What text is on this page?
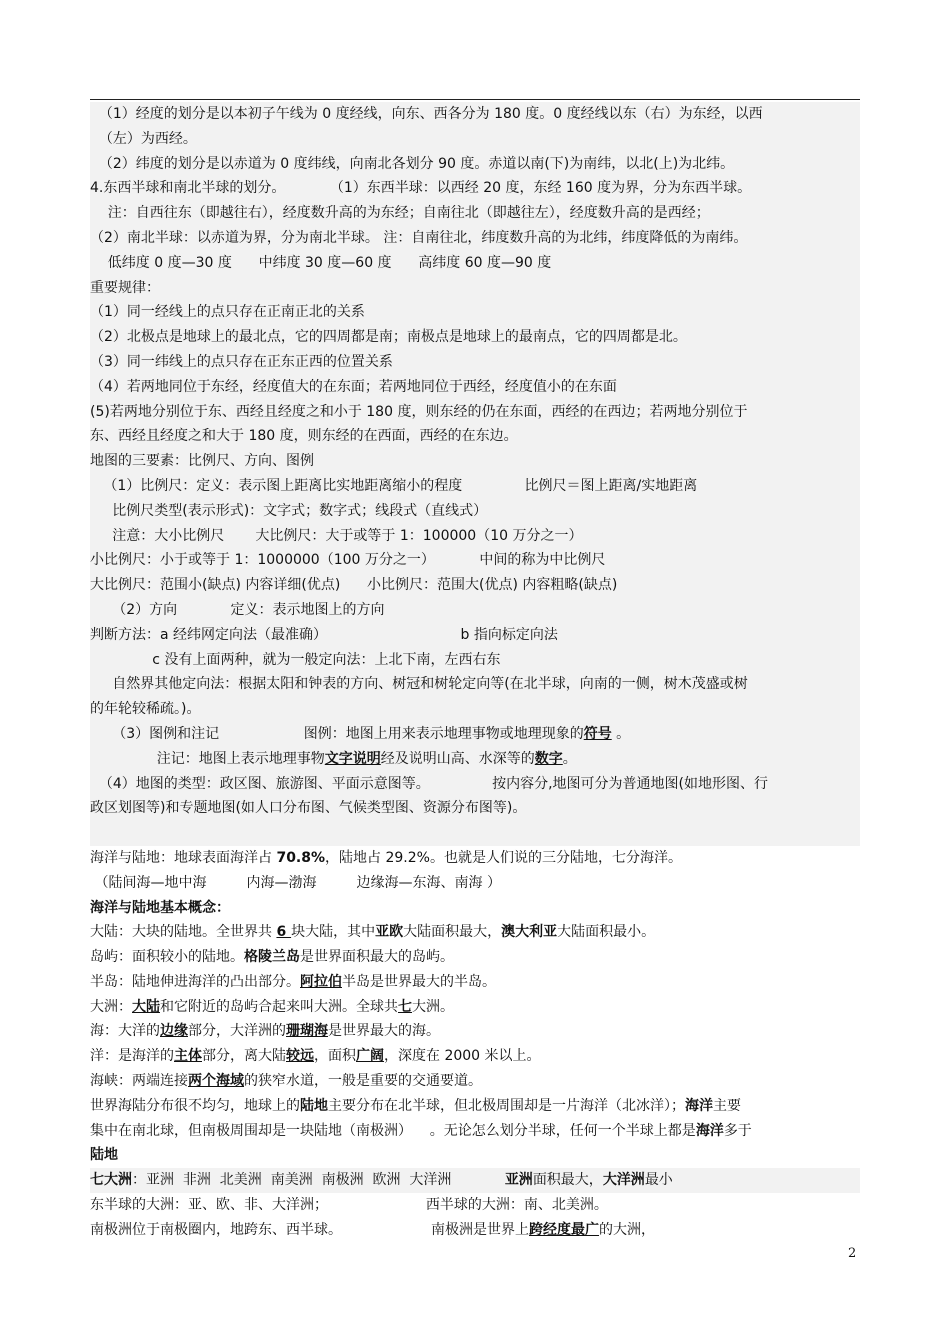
（1）经度的划分是以本初子午线为 0 度经线，向东、西各分为 180 度。0 度经线以东（右）为东经，以西
（左）为西经。
（2）纬度的划分是以赤道为 0 度纬线，向南北各划分 90 度。赤道以南(下)为南纬，以北(上)为北纬。
4.东西半球和南北半球的划分。          （1）东西半球：以西经 20 度，东经 160 度为界，分为东西半球。
注：自西往东（即越往右），经度数升高的为东经；自南往北（即越往左），经度数升高的是西经；
（2）南北半球：以赤道为界，分为南北半球。 注：自南往北，纬度数升高的为北纬，纬度降低的为南纬。
低纬度 0 度—30 度      中纬度 30 度—60 度      高纬度 60 度—90 度
重要规律：
（1）同一经线上的点只存在正南正北的关系
（2）北极点是地球上的最北点，它的四周都是南；南极点是地球上的最南点，它的四周都是北。
（3）同一纬线上的点只存在正东正西的位置关系
（4）若两地同位于东经，经度值大的在东面；若两地同位于西经，经度值小的在东面
(5)若两地分别位于东、西经且经度之和小于 180 度，则东经的仍在东面，西经的在西边；若两地分别位于
东、西经且经度之和大于 180 度，则东经的在西面，西经的在东边。
地图的三要素：比例尺、方向、图例
（1）比例尺：定义：表示图上距离比实地距离缩小的程度              比例尺＝图上距离/实地距离
比例尺类型(表示形式)：文字式；数字式；线段式（直线式）
注意：大小比例尺       大比例尺：大于或等于 1：100000（10 万分之一）
小比例尺：小于或等于 1：1000000（100 万分之一）          中间的称为中比例尺
大比例尺：范围小(缺点) 内容详细(优点)      小比例尺：范围大(优点) 内容粗略(缺点)
（2）方向            定义：表示地图上的方向
判断方法：a 经纬网定向法（最准确）                              b 指向标定向法
c 没有上面两种，就为一般定向法：上北下南，左西右东
自然界其他定向法：根据太阳和钟表的方向、树冠和树轮定向等(在北半球，向南的一侧，树木茂盛或树
的年轮较稀疏。)。
（3）图例和注记                   图例：地图上用来表示地理事物或地理现象的符号 。
注记：地图上表示地理事物文字说明经及说明山高、水深等的数字。
（4）地图的类型：政区图、旅游图、平面示意图等。              按内容分,地图可分为普通地图(如地形图、行
政区划图等)和专题地图(如人口分布图、气候类型图、资源分布图等)。
海洋与陆地：地球表面海洋占 70.8%，陆地占 29.2%。也就是人们说的三分陆地，七分海洋。
（陆间海—地中海         内海—渤海         边缘海—东海、南海 ）
海洋与陆地基本概念：
大陆：大块的陆地。全世界共 6 块大陆，其中亚欧大陆面积最大，澳大利亚大陆面积最小。
岛屿：面积较小的陆地。格陵兰岛是世界面积最大的岛屿。
半岛：陆地伸进海洋的凸出部分。阿拉伯半岛是世界最大的半岛。
大洲：大陆和它附近的岛屿合起来叫大洲。全球共七大洲。
海：大洋的边缘部分，大洋洲的珊瑚海是世界最大的海。
洋：是海洋的主体部分，离大陆较远，面积广阔，深度在 2000 米以上。
海峡：两端连接两个海域的狭窄水道，一般是重要的交通要道。
世界海陆分布很不均匀，地球上的陆地主要分布在北半球，但北极周围却是一片海洋（北冰洋）；海洋主要
集中在南北球，但南极周围却是一块陆地（南极洲）    。无论怎么划分半球，任何一个半球上都是海洋多于
陆地
七大洲：亚洲  非洲  北美洲  南美洲  南极洲  欧洲  大洋洲            亚洲面积最大，大洋洲最小
东半球的大洲：亚、欧、非、大洋洲；                      西半球的大洲：南、北美洲。
南极洲位于南极圈内，地跨东、西半球。                    南极洲是世界上跨经度最广的大洲，
2
